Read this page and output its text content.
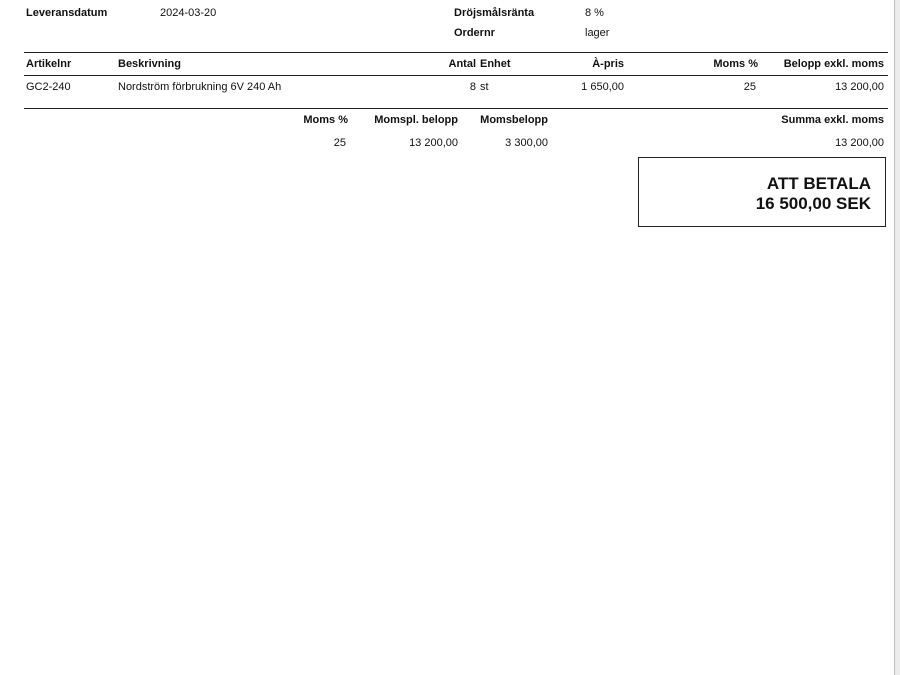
Leveransdatum	2024-03-20	Dröjsmålsränta	8 %
Ordernr	lager
Artikelnr	Beskrivning	Antal Enhet	À-pris	Moms %	Belopp exkl. moms
GC2-240	Nordström förbrukning 6V 240 Ah	8 st	1 650,00	25	13 200,00
Moms %	Momspl. belopp	Momsbelopp	Summa exkl. moms
25	13 200,00	3 300,00	13 200,00
ATT BETALA
16 500,00 SEK
